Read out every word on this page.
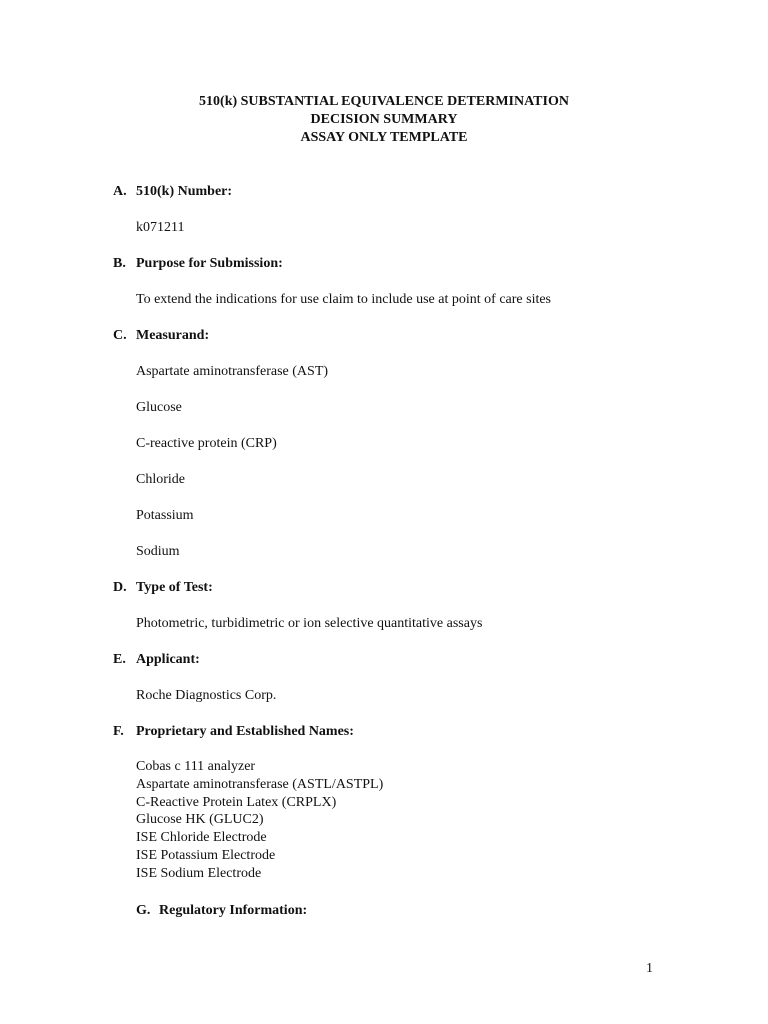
510(k) SUBSTANTIAL EQUIVALENCE DETERMINATION
DECISION SUMMARY
ASSAY ONLY TEMPLATE
A. 510(k) Number:
k071211
B. Purpose for Submission:
To extend the indications for use claim to include use at point of care sites
C. Measurand:
Aspartate aminotransferase (AST)
Glucose
C-reactive protein (CRP)
Chloride
Potassium
Sodium
D. Type of Test:
Photometric, turbidimetric or ion selective quantitative assays
E. Applicant:
Roche Diagnostics Corp.
F. Proprietary and Established Names:
Cobas c 111 analyzer
Aspartate aminotransferase (ASTL/ASTPL)
C-Reactive Protein Latex (CRPLX)
Glucose HK (GLUC2)
ISE Chloride Electrode
ISE Potassium Electrode
ISE Sodium Electrode
G. Regulatory Information:
1
